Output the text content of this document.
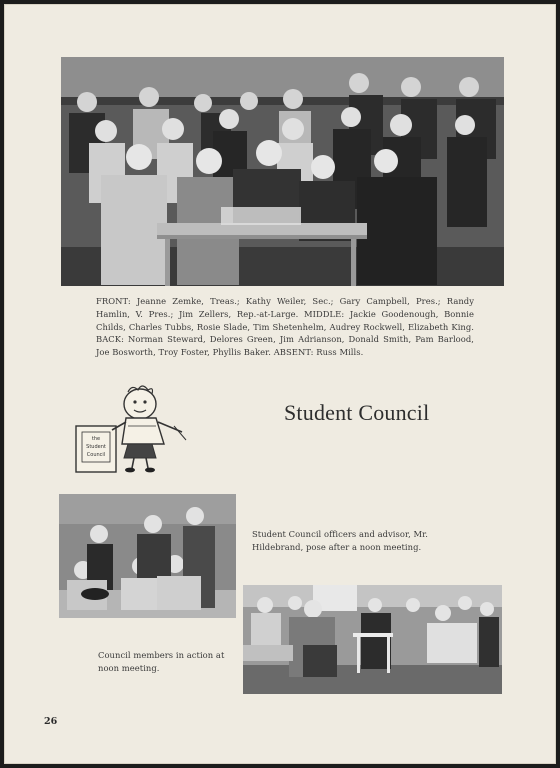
FRONT: Jeanne Zemke, Treas.; Kathy Weiler, Sec.; Gary Campbell, Pres.; Randy Hamlin, V. Pres.; Jim Zellers, Rep.-at-Large. MIDDLE: Jackie Goodenough, Bonnie Childs, Charles Tubbs, Rosie Slade, Tim Shetenhelm, Audrey Rockwell, Elizabeth King. BACK: Norman Steward, Delores Green, Jim Adrianson, Donald Smith, Pam Barlood, Joe Bosworth, Troy Foster, Phyllis Baker. ABSENT: Russ Mills.
the
Student
Council
Student Council
Student Council officers and advisor, Mr. Hildebrand, pose after a noon meeting.
Council members in action at noon meeting.
26
